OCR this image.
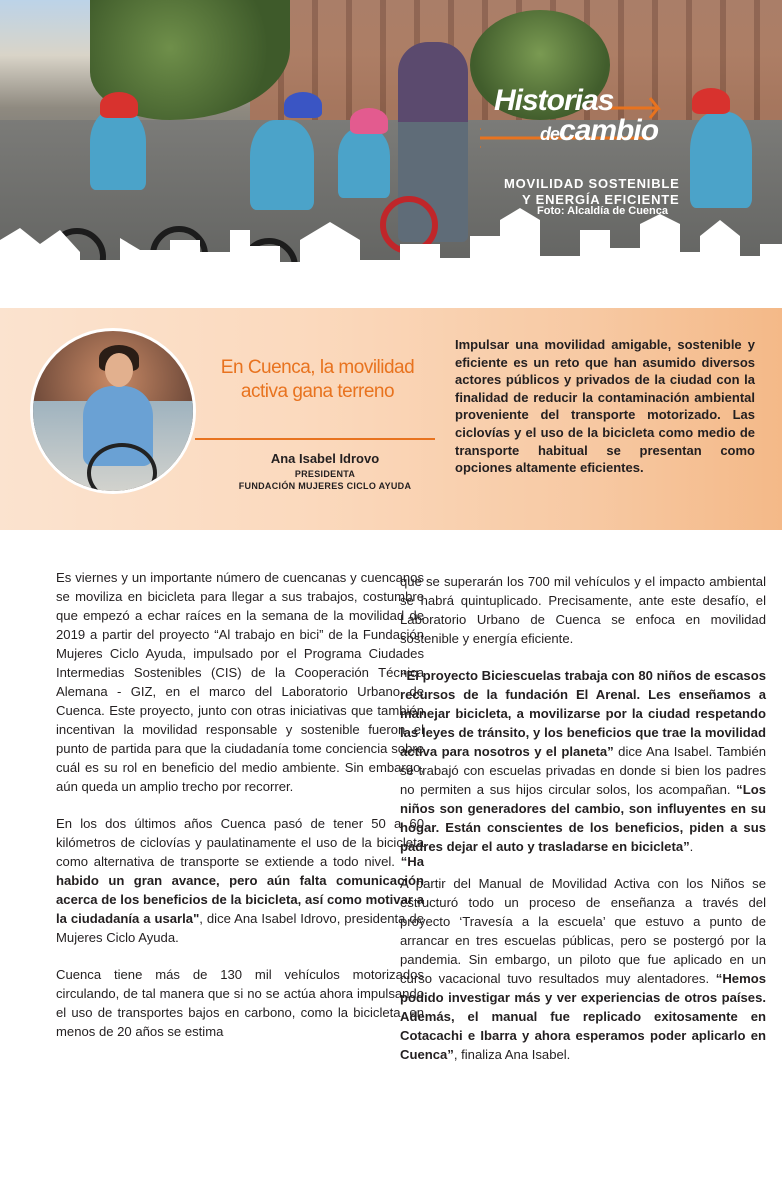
Historias
decambio
MOVILIDAD SOSTENIBLE
Y ENERGÍA EFICIENTE
Foto: Alcaldía de Cuenca
En Cuenca, la movilidad activa gana terreno
Ana Isabel Idrovo
PRESIDENTA
FUNDACIÓN MUJERES CICLO AYUDA
Impulsar una movilidad amigable, sostenible y eficiente es un reto que han asumido diversos actores públicos y privados de la ciudad con la finalidad de reducir la contaminación ambiental proveniente del transporte motorizado. Las ciclovías y el uso de la bicicleta como medio de transporte habitual se presentan como opciones altamente eficientes.

Es viernes y un importante número de cuencanas y cuencanos se moviliza en bicicleta para llegar a sus trabajos, costumbre que empezó a echar raíces en la semana de la movilidad de 2019 a partir del proyecto “Al trabajo en bici” de la Fundación Mujeres Ciclo Ayuda, impulsado por el Programa Ciudades Intermedias Sostenibles (CIS) de la Cooperación Técnica Alemana - GIZ, en el marco del Laboratorio Urbano de Cuenca. Este proyecto, junto con otras iniciativas que también incentivan la movilidad responsable y sostenible fueron el punto de partida para que la ciudadanía tome conciencia sobre cuál es su rol en beneficio del medio ambiente. Sin embargo, aún queda un amplio trecho por recorrer.

En los dos últimos años Cuenca pasó de tener 50 a 60 kilómetros de ciclovías y paulatinamente el uso de la bicicleta como alternativa de transporte se extiende a todo nivel. “Ha habido un gran avance, pero aún falta comunicación acerca de los beneficios de la bicicleta, así como motivar a la ciudadanía a usarla", dice Ana Isabel Idrovo, presidenta de Mujeres Ciclo Ayuda.

Cuenca tiene más de 130 mil vehículos motorizados circulando, de tal manera que si no se actúa ahora impulsando el uso de transportes bajos en carbono, como la bicicleta, en menos de 20 años se estima

que se superarán los 700 mil vehículos y el impacto ambiental se habrá quintuplicado. Precisamente, ante este desafío, el Laboratorio Urbano de Cuenca se enfoca en movilidad sostenible y energía eficiente.

“El proyecto Biciescuelas trabaja con 80 niños de escasos recursos de la fundación El Arenal. Les enseñamos a manejar bicicleta, a movilizarse por la ciudad respetando las leyes de tránsito, y los beneficios que trae la movilidad activa para nosotros y el planeta” dice Ana Isabel. También se trabajó con escuelas privadas en donde si bien los padres no permiten a sus hijos circular solos, los acompañan. “Los niños son generadores del cambio, son influyentes en su hogar. Están conscientes de los beneficios, piden a sus padres dejar el auto y trasladarse en bicicleta”.

A partir del Manual de Movilidad Activa con los Niños se estructuró todo un proceso de enseñanza a través del proyecto ‘Travesía a la escuela’ que estuvo a punto de arrancar en tres escuelas públicas, pero se postergó por la pandemia. Sin embargo, un piloto que fue aplicado en un curso vacacional tuvo resultados muy alentadores. “Hemos podido investigar más y ver experiencias de otros países. Además, el manual fue replicado exitosamente en Cotacachi e Ibarra y ahora esperamos poder aplicarlo en Cuenca”, finaliza Ana Isabel.
